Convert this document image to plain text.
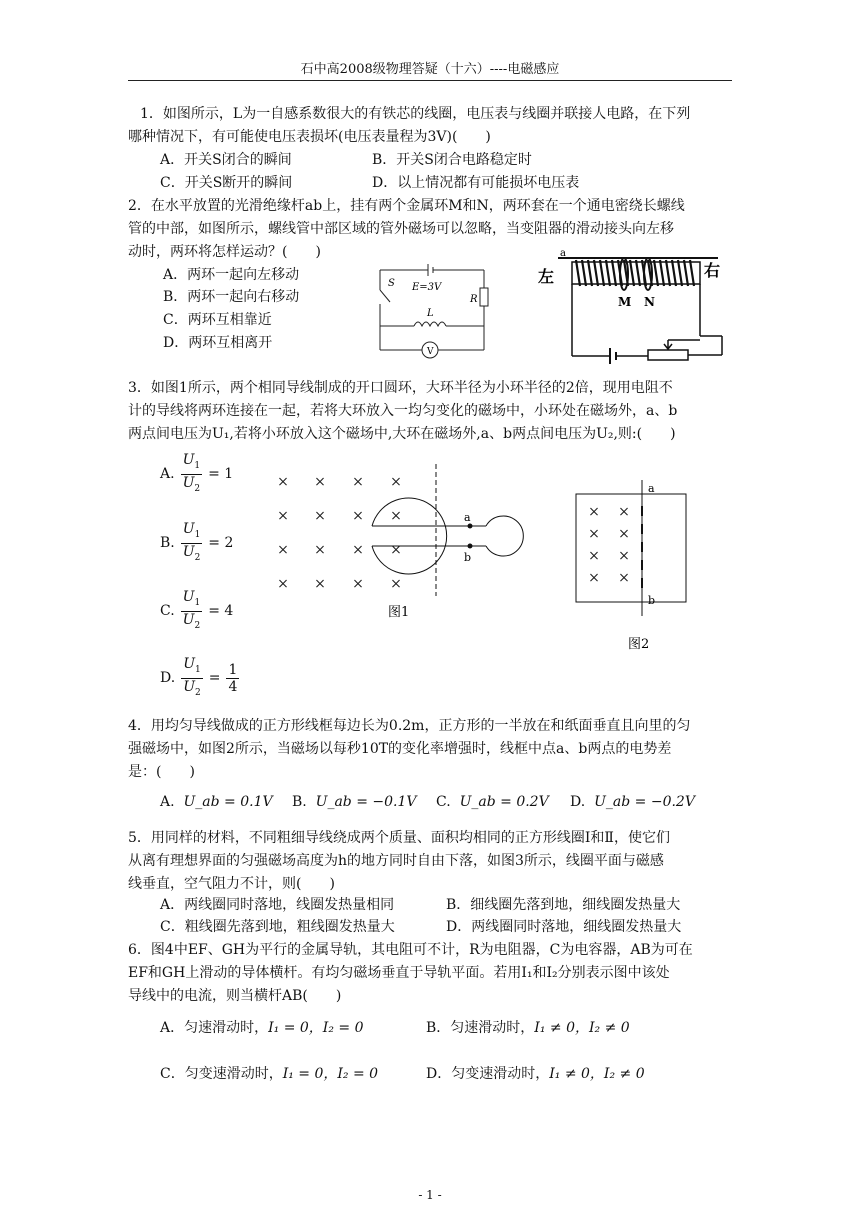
石中高2008级物理答疑（十六）----电磁感应
1．如图所示，L为一自感系数很大的有铁芯的线圈，电压表与线圈并联接人电路，在下列
哪种情况下，有可能使电压表损坏(电压表量程为3V)(　　)
A．开关S闭合的瞬间	B．开关S闭合电路稳定时
C．开关S断开的瞬间	D．以上情况都有可能损坏电压表
2．在水平放置的光滑绝缘杆ab上，挂有两个金属环M和N，两环套在一个通电密绕长螺线
管的中部，如图所示，螺线管中部区域的管外磁场可以忽略，当变阻器的滑动接头向左移
动时，两环将怎样运动？(　　)
A．两环一起向左移动
B．两环一起向右移动
C．两环互相靠近
D．两环互相离开
S E=3V
R
L
V
a
左	右
M N
3．如图1所示，两个相同导线制成的开口圆环，大环半径为小环半径的2倍，现用电阻不
计的导线将两环连接在一起，若将大环放入一均匀变化的磁场中，小环处在磁场外，a、b
两点间电压为U₁,若将小环放入这个磁场中,大环在磁场外,a、b两点间电压为U₂,则:(　　)
A. $\frac{U_1}{U_2} = 1$
B. $\frac{U_1}{U_2} = 2$
C. $\frac{U_1}{U_2} = 4$
D. $\frac{U_1}{U_2} = \frac{1}{4}$
× × × ×
× × × ×
× × × ×
× × × ×
a
b
图1
× ×
× ×
× ×
× ×
a
b
图2
4．用均匀导线做成的正方形线框每边长为0.2m，正方形的一半放在和纸面垂直且向里的匀
强磁场中，如图2所示，当磁场以每秒10T的变化率增强时，线框中点a、b两点的电势差
是：(　　)
A. U_ab = 0.1V B. U_ab = −0.1V C. U_ab = 0.2V D. U_ab = −0.2V
5．用同样的材料，不同粗细导线绕成两个质量、面积均相同的正方形线圈Ⅰ和Ⅱ，使它们
从离有理想界面的匀强磁场高度为h的地方同时自由下落，如图3所示，线圈平面与磁感
线垂直，空气阻力不计，则(　　)
A．两线圈同时落地，线圈发热量相同	B．细线圈先落到地，细线圈发热量大
C．粗线圈先落到地，粗线圈发热量大	D．两线圈同时落地，细线圈发热量大
6．图4中EF、GH为平行的金属导轨，其电阻可不计，R为电阻器，C为电容器，AB为可在
EF和GH上滑动的导体横杆。有均匀磁场垂直于导轨平面。若用I₁和I₂分别表示图中该处
导线中的电流，则当横杆AB(　　)
A．匀速滑动时，I₁ = 0，I₂ = 0	B．匀速滑动时，I₁ ≠ 0，I₂ ≠ 0
C．匀变速滑动时，I₁ = 0，I₂ = 0	D．匀变速滑动时，I₁ ≠ 0，I₂ ≠ 0
- 1 -
